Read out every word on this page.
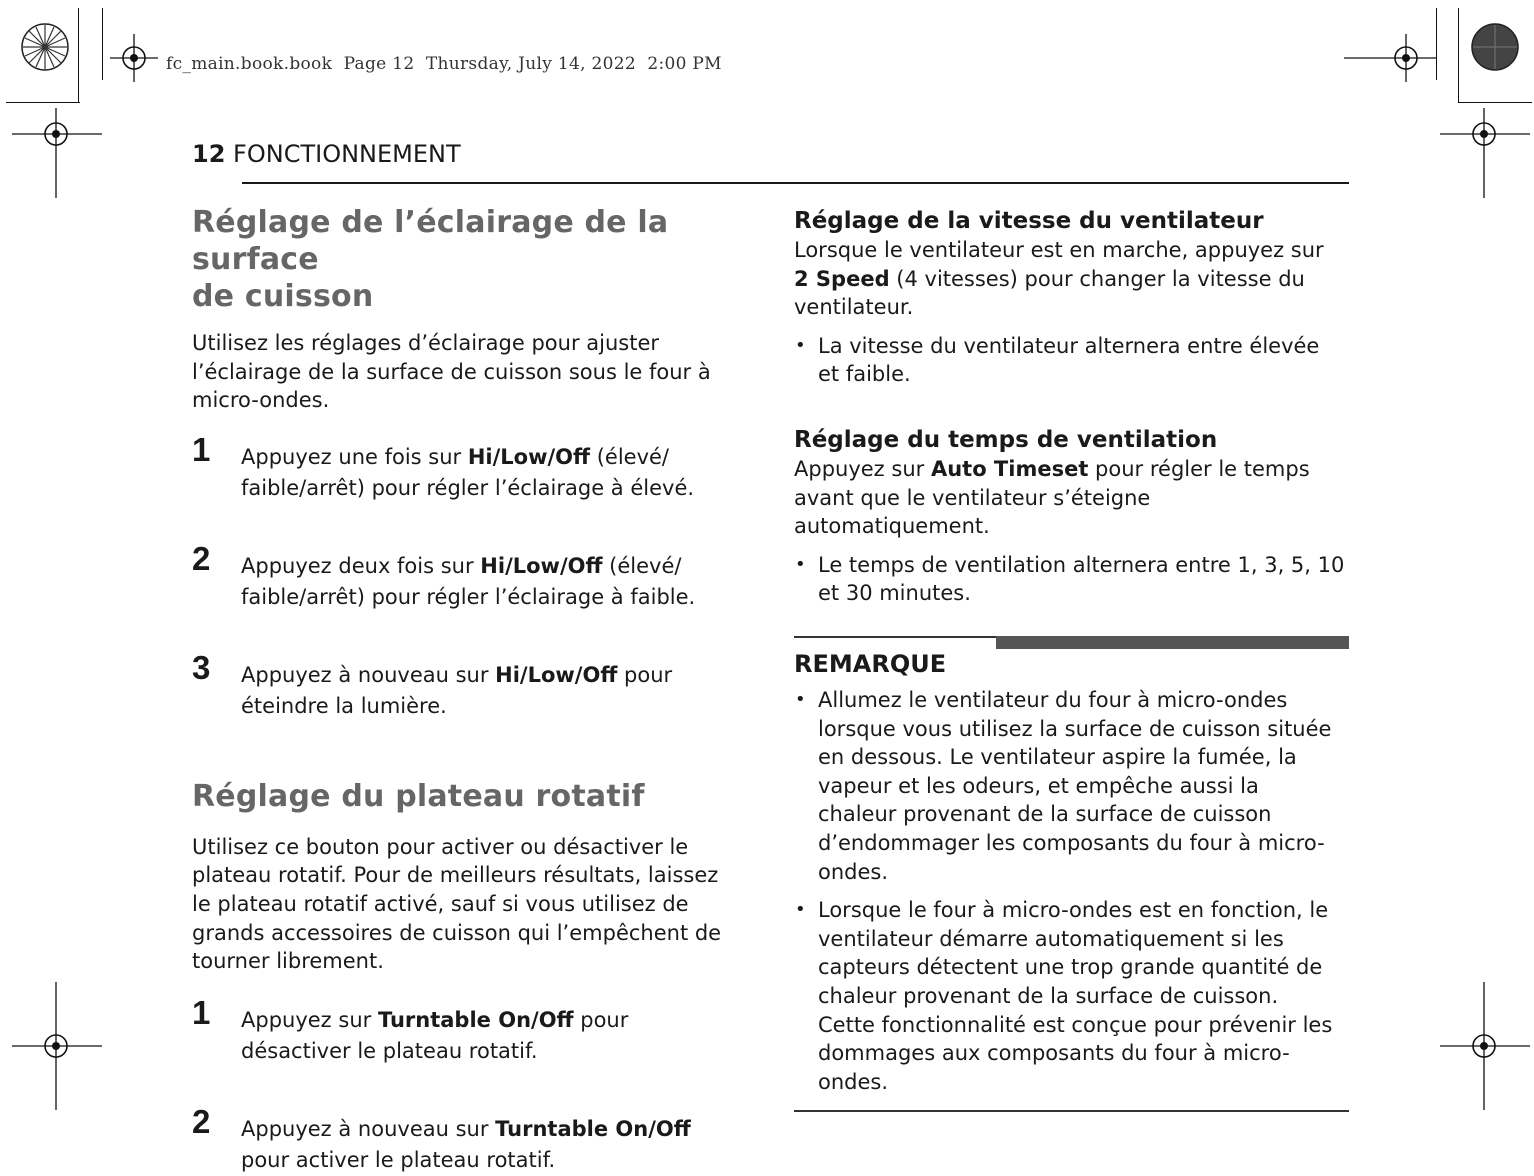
fc_main.book.book  Page 12  Thursday, July 14, 2022  2:00 PM
12 FONCTIONNEMENT
Réglage de l’éclairage de la surface
de cuisson

Utilisez les réglages d’éclairage pour ajuster
l’éclairage de la surface de cuisson sous le four à
micro-ondes.

1 Appuyez une fois sur Hi/Low/Off (élevé/
faible/arrêt) pour régler l’éclairage à élevé.

2 Appuyez deux fois sur Hi/Low/Off (élevé/
faible/arrêt) pour régler l’éclairage à faible.

3 Appuyez à nouveau sur Hi/Low/Off pour
éteindre la lumière.

Réglage du plateau rotatif

Utilisez ce bouton pour activer ou désactiver le
plateau rotatif. Pour de meilleurs résultats, laissez
le plateau rotatif activé, sauf si vous utilisez de
grands accessoires de cuisson qui l’empêchent de
tourner librement.

1 Appuyez sur Turntable On/Off pour
désactiver le plateau rotatif.

2 Appuyez à nouveau sur Turntable On/Off
pour activer le plateau rotatif.

Réglage de la vitesse du ventilateur

Lorsque le ventilateur est en marche, appuyez sur
2 Speed (4 vitesses) pour changer la vitesse du
ventilateur.

• La vitesse du ventilateur alternera entre élevée
et faible.
Réglage du temps de ventilation

Appuyez sur Auto Timeset pour régler le temps
avant que le ventilateur s’éteigne
automatiquement.

• Le temps de ventilation alternera entre 1, 3, 5, 10
et 30 minutes.
REMARQUE
• Allumez le ventilateur du four à micro-ondes
lorsque vous utilisez la surface de cuisson située
en dessous. Le ventilateur aspire la fumée, la
vapeur et les odeurs, et empêche aussi la
chaleur provenant de la surface de cuisson
d’endommager les composants du four à micro-
ondes.
• Lorsque le four à micro-ondes est en fonction, le
ventilateur démarre automatiquement si les
capteurs détectent une trop grande quantité de
chaleur provenant de la surface de cuisson.
Cette fonctionnalité est conçue pour prévenir les
dommages aux composants du four à micro-
ondes.
